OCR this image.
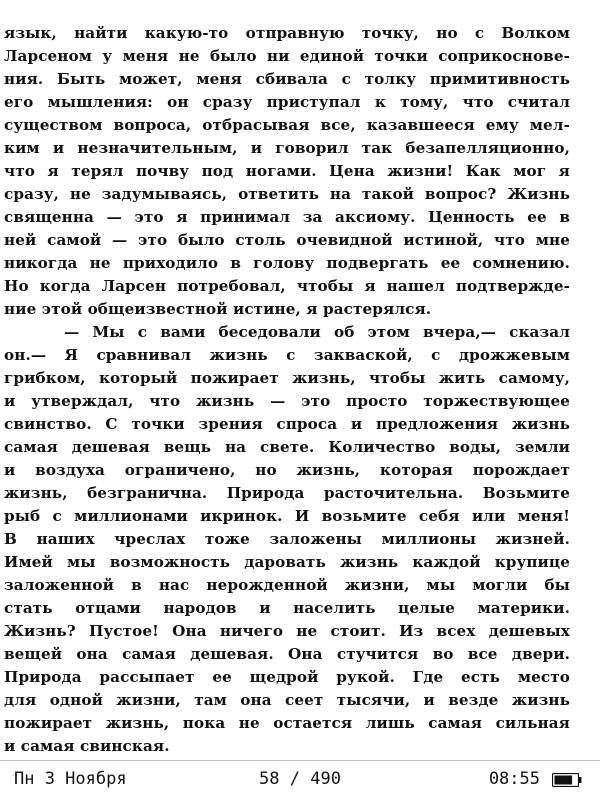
язык, найти какую-то отправную точку, но с Волком
Ларсеном у меня не было ни единой точки соприкоснове-
ния. Быть может, меня сбивала с толку примитивность
его мышления: он сразу приступал к тому, что считал
существом вопроса, отбрасывая все, казавшееся ему мел-
ким и незначительным, и говорил так безапелляционно,
что я терял почву под ногами. Цена жизни! Как мог я
сразу, не задумываясь, ответить на такой вопрос? Жизнь
священна — это я принимал за аксиому. Ценность ее в
ней самой — это было столь очевидной истиной, что мне
никогда не приходило в голову подвергать ее сомнению.
Но когда Ларсен потребовал, чтобы я нашел подтвержде-
ние этой общеизвестной истине, я растерялся.
— Мы с вами беседовали об этом вчера,— сказал
он.— Я сравнивал жизнь с закваской, с дрожжевым
грибком, который пожирает жизнь, чтобы жить самому,
и утверждал, что жизнь — это просто торжествующее
свинство. С точки зрения спроса и предложения жизнь
самая дешевая вещь на свете. Количество воды, земли
и воздуха ограничено, но жизнь, которая порождает
жизнь, безгранична. Природа расточительна. Возьмите
рыб с миллионами икринок. И возьмите себя или меня!
В наших чреслах тоже заложены миллионы жизней.
Имей мы возможность даровать жизнь каждой крупице
заложенной в нас нерожденной жизни, мы могли бы
стать отцами народов и населить целые материки.
Жизнь? Пустое! Она ничего не стоит. Из всех дешевых
вещей она самая дешевая. Она стучится во все двери.
Природа рассыпает ее щедрой рукой. Где есть место
для одной жизни, там она сеет тысячи, и везде жизнь
пожирает жизнь, пока не остается лишь самая сильная
и самая свинская.
Пн 3 Ноября	58 / 490	08:55
